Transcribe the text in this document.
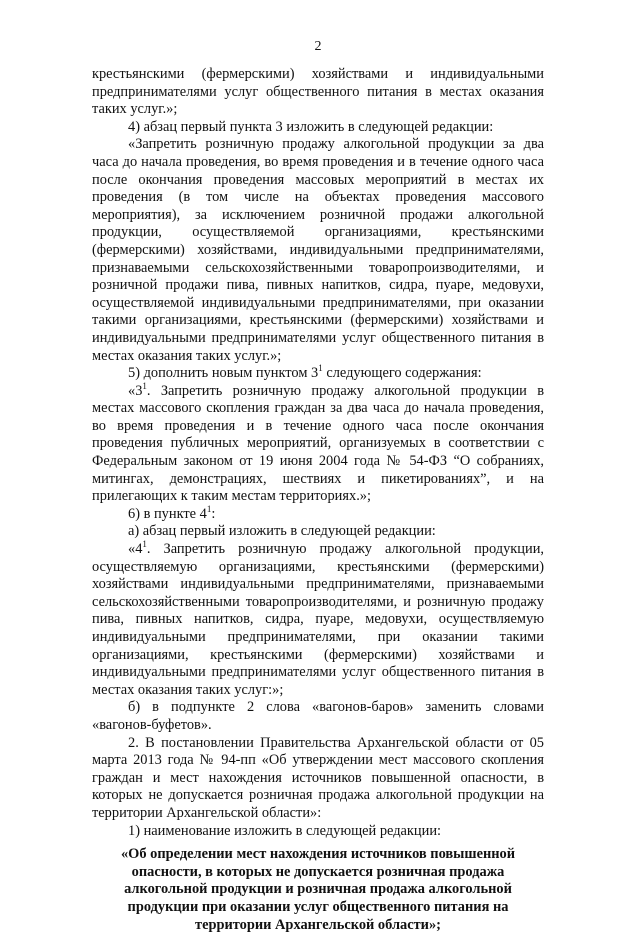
2

крестьянскими (фермерскими) хозяйствами и индивидуальными предпринимателями услуг общественного питания в местах оказания таких услуг.»;

4) абзац первый пункта 3 изложить в следующей редакции:

«Запретить розничную продажу алкогольной продукции за два часа до начала проведения, во время проведения и в течение одного часа после окончания проведения массовых мероприятий в местах их проведения (в том числе на объектах проведения массового мероприятия), за исключением розничной продажи алкогольной продукции, осуществляемой организациями, крестьянскими (фермерскими) хозяйствами, индивидуальными предпринимателями, признаваемыми сельскохозяйственными товаропроизводителями, и розничной продажи пива, пивных напитков, сидра, пуаре, медовухи, осуществляемой индивидуальными предпринимателями, при оказании такими организациями, крестьянскими (фермерскими) хозяйствами и индивидуальными предпринимателями услуг общественного питания в местах оказания таких услуг.»;

5) дополнить новым пунктом $3^1$ следующего содержания:

«$3^1$. Запретить розничную продажу алкогольной продукции в местах массового скопления граждан за два часа до начала проведения, во время проведения и в течение одного часа после окончания проведения публичных мероприятий, организуемых в соответствии с Федеральным законом от 19 июня 2004 года № 54-ФЗ “О собраниях, митингах, демонстрациях, шествиях и пикетированиях”, и на прилегающих к таким местам территориях.»;

6) в пункте $4^1$:

а) абзац первый изложить в следующей редакции:

«$4^1$. Запретить розничную продажу алкогольной продукции, осуществляемую организациями, крестьянскими (фермерскими) хозяйствами индивидуальными предпринимателями, признаваемыми сельскохозяйственными товаропроизводителями, и розничную продажу пива, пивных напитков, сидра, пуаре, медовухи, осуществляемую индивидуальными предпринимателями, при оказании такими организациями, крестьянскими (фермерскими) хозяйствами и индивидуальными предпринимателями услуг общественного питания в местах оказания таких услуг:»;

б) в подпункте 2 слова «вагонов-баров» заменить словами «вагонов-буфетов».

2. В постановлении Правительства Архангельской области от 05 марта 2013 года № 94-пп «Об утверждении мест массового скопления граждан и мест нахождения источников повышенной опасности, в которых не допускается розничная продажа алкогольной продукции на территории Архангельской области»:

1) наименование изложить в следующей редакции:

«Об определении мест нахождения источников повышенной опасности, в которых не допускается розничная продажа алкогольной продукции и розничная продажа алкогольной продукции при оказании услуг общественного питания на территории Архангельской области»;
